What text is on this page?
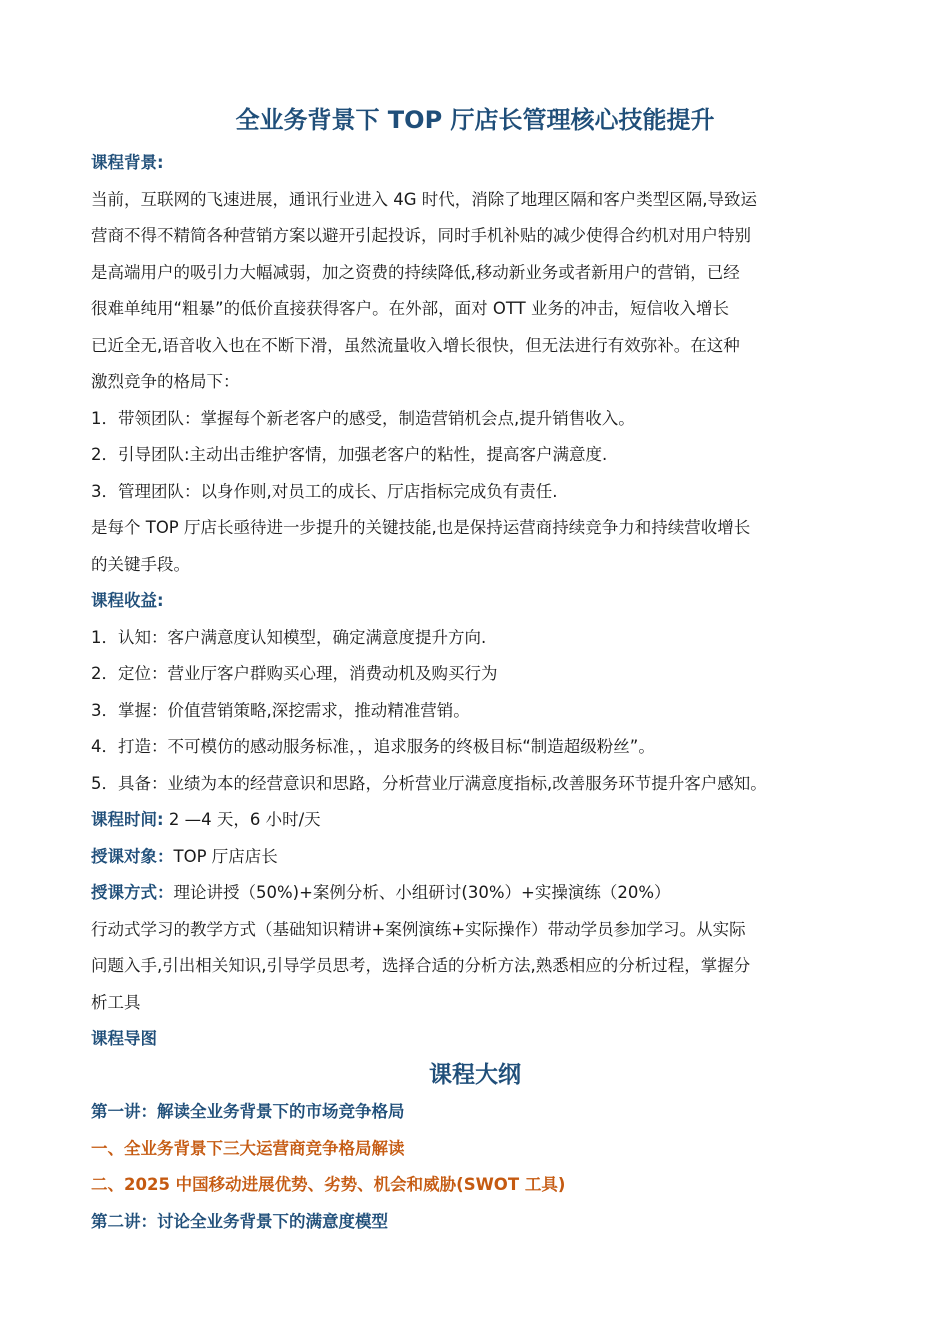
全业务背景下 TOP 厅店长管理核心技能提升
课程背景:
当前，互联网的飞速进展，通讯行业进入 4G 时代，消除了地理区隔和客户类型区隔,导致运
营商不得不精简各种营销方案以避开引起投诉，同时手机补贴的减少使得合约机对用户特别
是高端用户的吸引力大幅减弱，加之资费的持续降低,移动新业务或者新用户的营销，已经
很难单纯用“粗暴”的低价直接获得客户。在外部，面对 OTT 业务的冲击，短信收入增长
已近全无,语音收入也在不断下滑，虽然流量收入增长很快，但无法进行有效弥补。在这种
激烈竞争的格局下：
1．带领团队：掌握每个新老客户的感受，制造营销机会点,提升销售收入。
2．引导团队:主动出击维护客情，加强老客户的粘性，提高客户满意度.
3．管理团队：以身作则,对员工的成长、厅店指标完成负有责任.
是每个 TOP 厅店长亟待进一步提升的关键技能,也是保持运营商持续竞争力和持续营收增长
的关键手段。
课程收益:
1．认知：客户满意度认知模型，确定满意度提升方向.
2．定位：营业厅客户群购买心理，消费动机及购买行为
3．掌握：价值营销策略,深挖需求，推动精准营销。
4．打造：不可模仿的感动服务标准，，追求服务的终极目标“制造超级粉丝”。
5．具备：业绩为本的经营意识和思路，分析营业厅满意度指标,改善服务环节提升客户感知。
课程时间: 2 —4 天，6 小时/天
授课对象：TOP 厅店店长
授课方式：理论讲授（50%)+案例分析、小组研讨(30%）+实操演练（20%）
行动式学习的教学方式（基础知识精讲+案例演练+实际操作）带动学员参加学习。从实际
问题入手,引出相关知识,引导学员思考，选择合适的分析方法,熟悉相应的分析过程，掌握分
析工具
课程导图
课程大纲
第一讲：解读全业务背景下的市场竞争格局
一、全业务背景下三大运营商竞争格局解读
二、2025 中国移动进展优势、劣势、机会和威胁(SWOT 工具)
第二讲：讨论全业务背景下的满意度模型
